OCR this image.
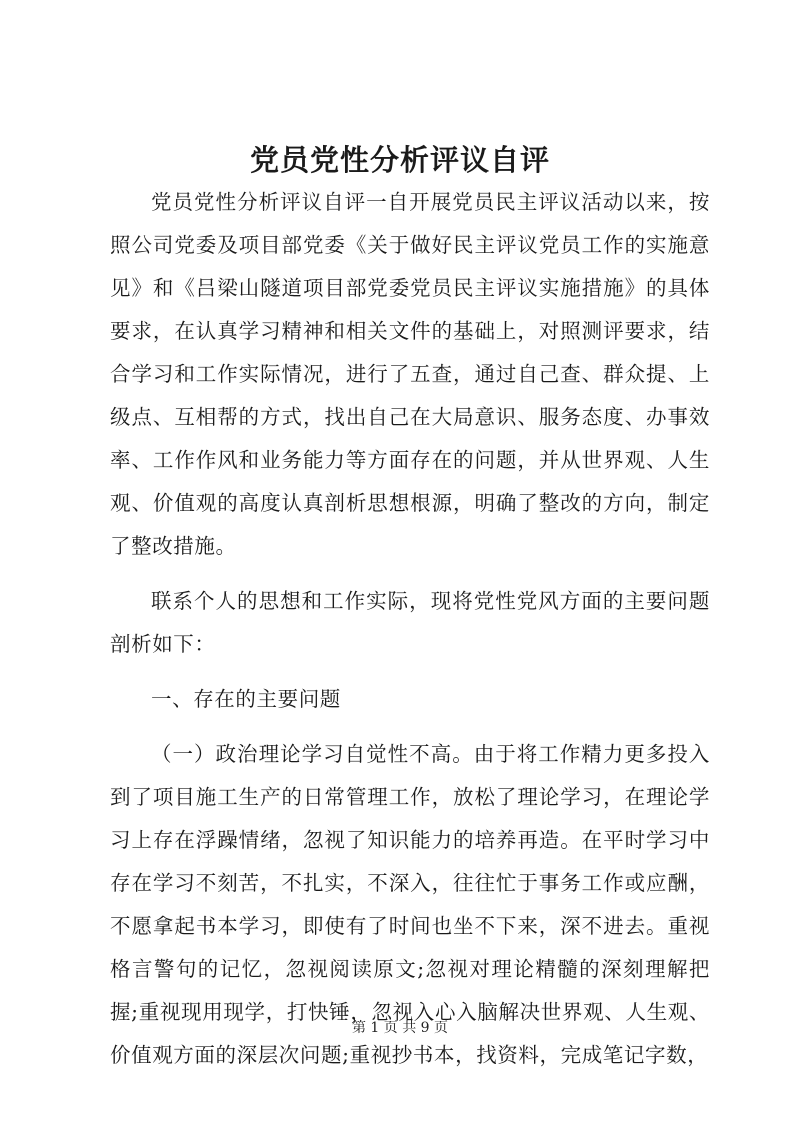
党员党性分析评议自评

党员党性分析评议自评一自开展党员民主评议活动以来，按照公司党委及项目部党委《关于做好民主评议党员工作的实施意见》和《吕梁山隧道项目部党委党员民主评议实施措施》的具体要求，在认真学习精神和相关文件的基础上，对照测评要求，结合学习和工作实际情况，进行了五查，通过自己查、群众提、上级点、互相帮的方式，找出自己在大局意识、服务态度、办事效率、工作作风和业务能力等方面存在的问题，并从世界观、人生观、价值观的高度认真剖析思想根源，明确了整改的方向，制定了整改措施。

联系个人的思想和工作实际，现将党性党风方面的主要问题剖析如下：

一、存在的主要问题

（一）政治理论学习自觉性不高。由于将工作精力更多投入到了项目施工生产的日常管理工作，放松了理论学习，在理论学习上存在浮躁情绪，忽视了知识能力的培养再造。在平时学习中存在学习不刻苦，不扎实，不深入，往往忙于事务工作或应酬，不愿拿起书本学习，即使有了时间也坐不下来，深不进去。重视格言警句的记忆，忽视阅读原文;忽视对理论精髓的深刻理解把握;重视现用现学，打快锤，忽视入心入脑解决世界观、人生观、价值观方面的深层次问题;重视抄书本，找资料，完成笔记字数，

第 1 页 共 9 页
